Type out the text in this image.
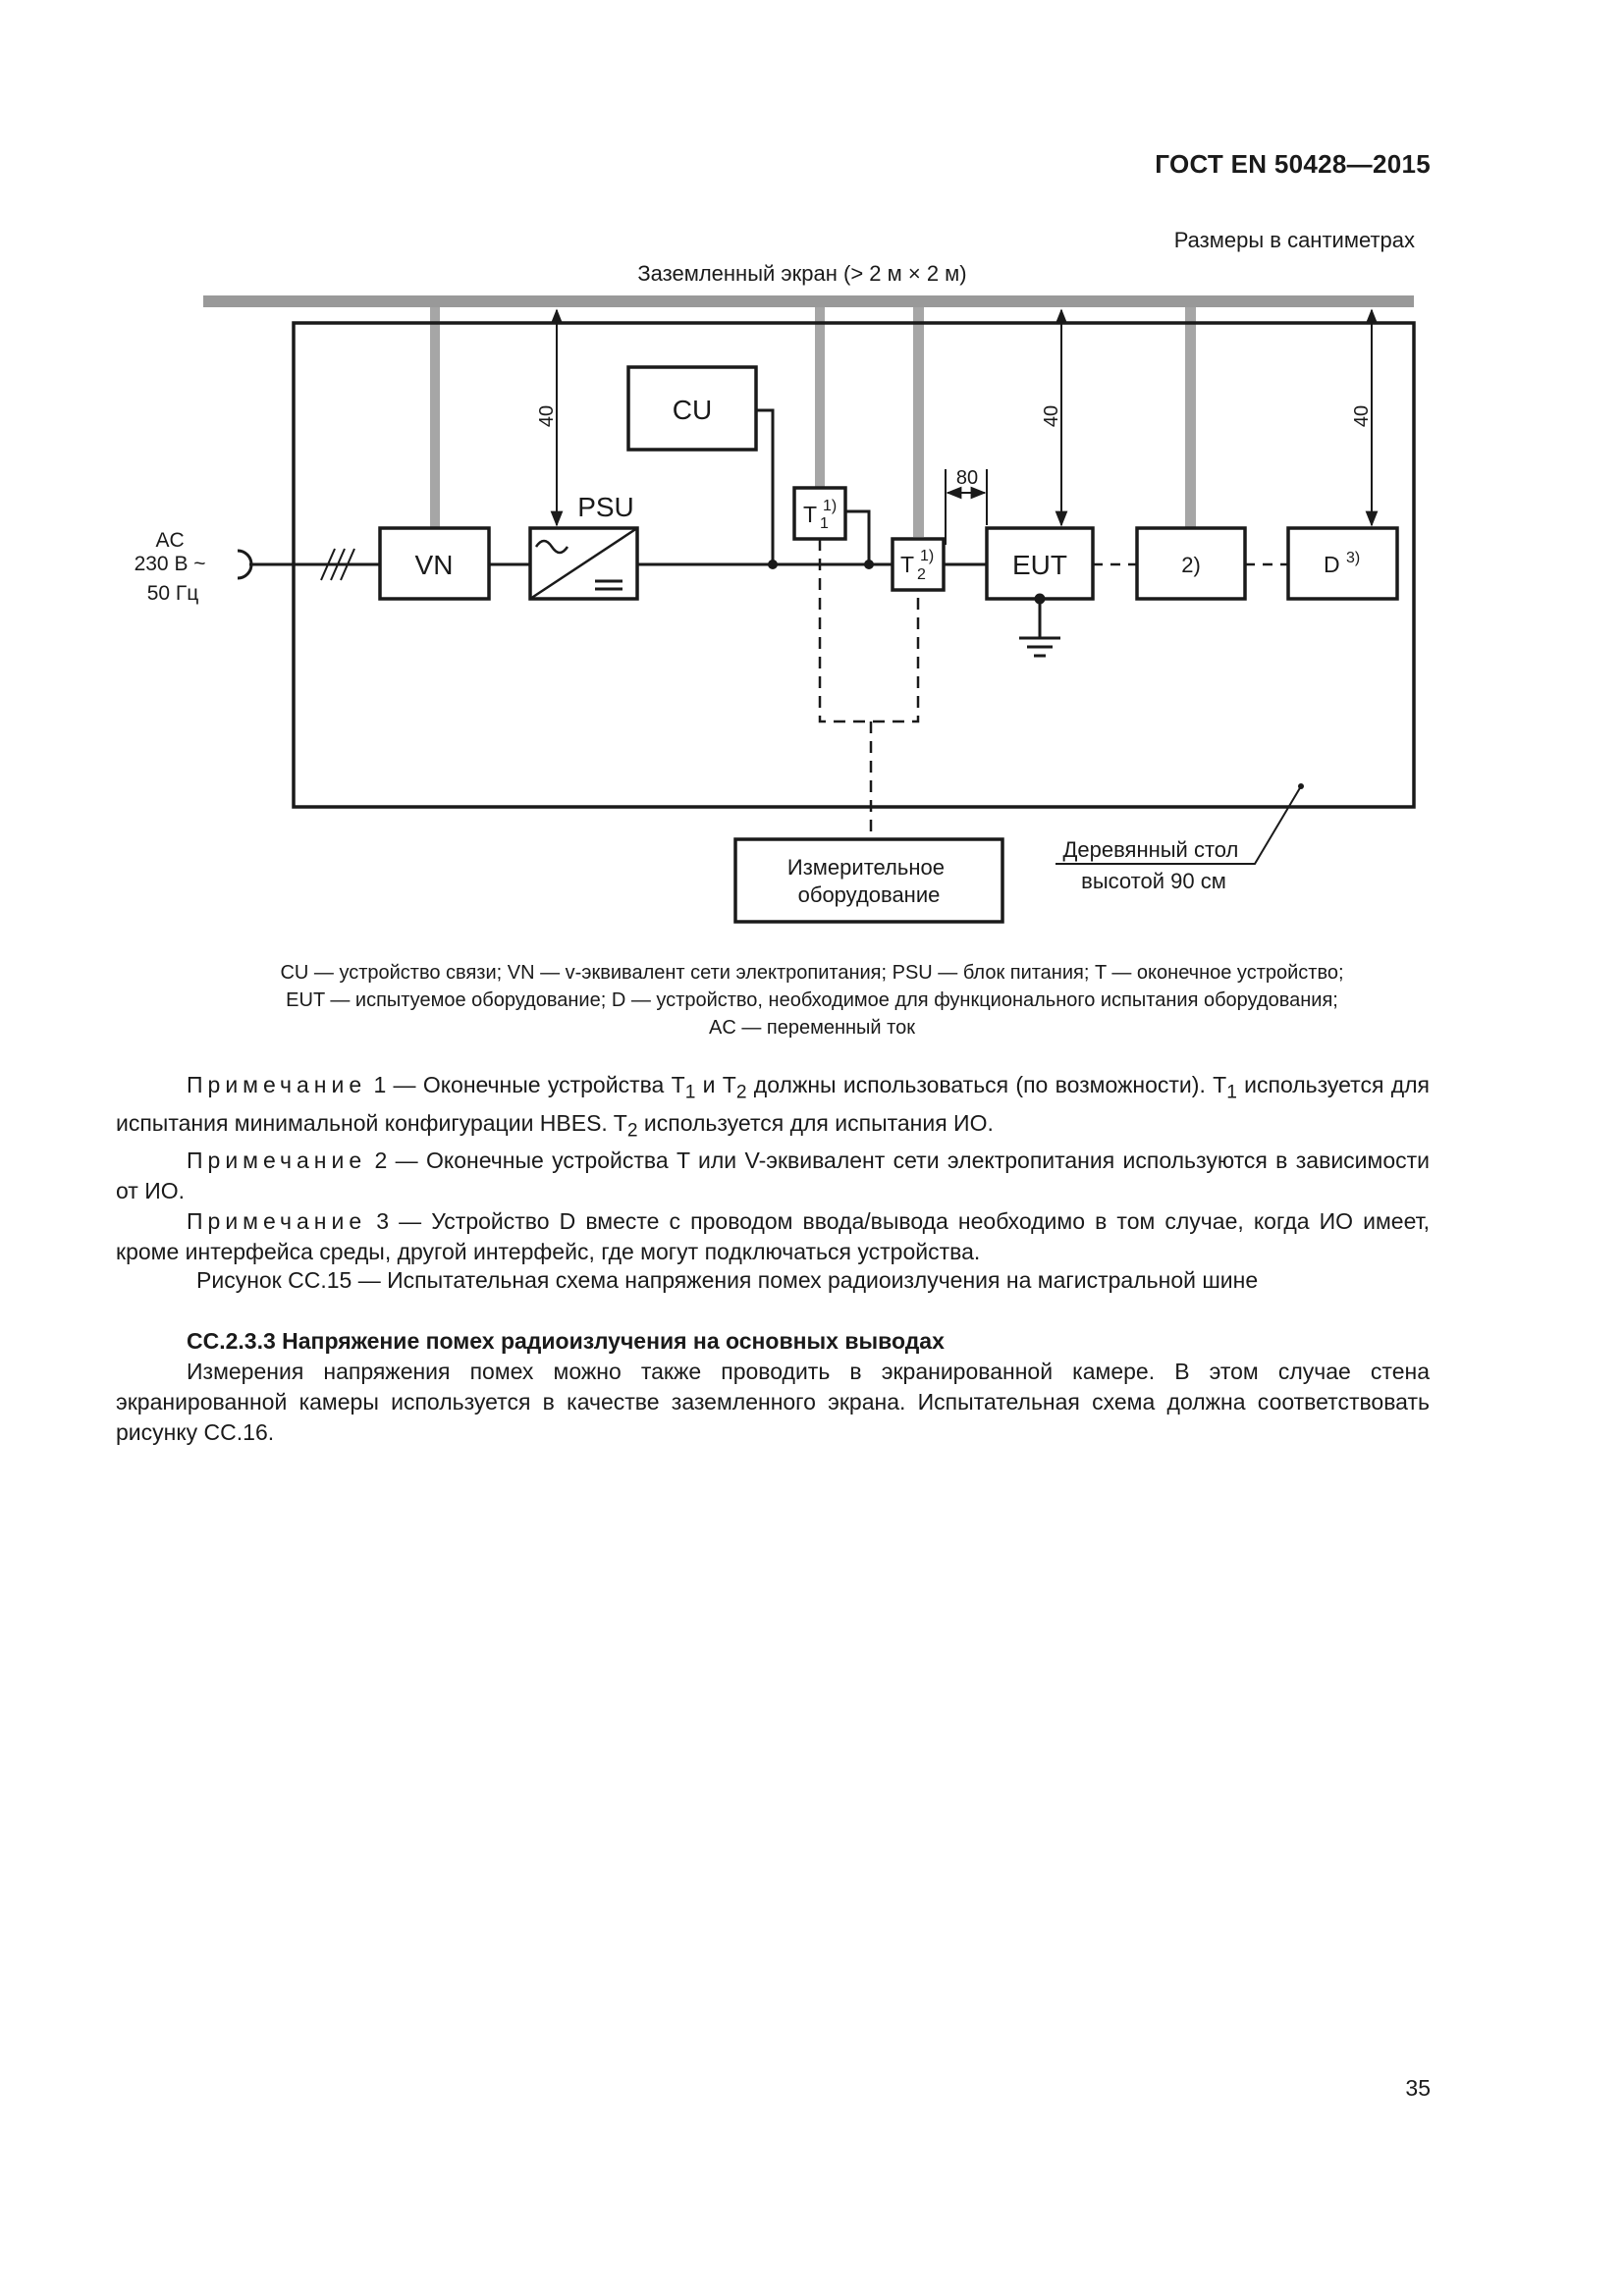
ГОСТ EN 50428—2015
Размеры в сантиметрах
Заземленный экран (> 2 м × 2 м)
40	40	40
80
AC 230 В ~ 50 Гц
VN
PSU
CU
T $^{1)}$
1
T $^{1)}$
2	EUT	2)	D $^{3)}$
Измерительное оборудование
Деревянный стол высотой 90 см
CU — устройство связи; VN — v-эквивалент сети электропитания; PSU — блок питания; T — оконечное устройство;
EUT — испытуемое оборудование; D — устройство, необходимое для функционального испытания оборудования;
AC — переменный ток

Примечание 1 — Оконечные устройства $T_1$ и $T_2$ должны использоваться (по возможности). $T_1$ используется для испытания минимальной конфигурации HBES. $T_2$ используется для испытания ИО.

Примечание 2 — Оконечные устройства T или V-эквивалент сети электропитания используются в зависимости от ИО.

Примечание 3 — Устройство D вместе с проводом ввода/вывода необходимо в том случае, когда ИО имеет, кроме интерфейса среды, другой интерфейс, где могут подключаться устройства.

Рисунок CC.15 — Испытательная схема напряжения помех радиоизлучения на магистральной шине
CC.2.3.3 Напряжение помех радиоизлучения на основных выводах

Измерения напряжения помех можно также проводить в экранированной камере. В этом случае стена экранированной камеры используется в качестве заземленного экрана. Испытательная схема должна соответствовать рисунку CC.16.

35
